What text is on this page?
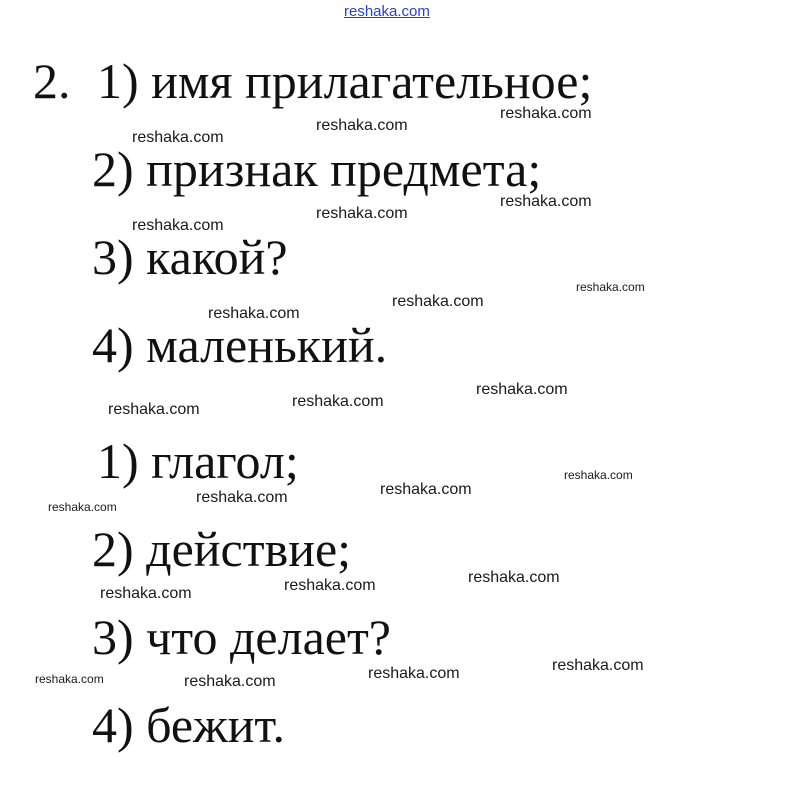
reshaka.com
2. 1) имя прилагательное;
2) признак предмета;
3) какой?
4) маленький.
1) глагол;
2) действие;
3) что делает?
4) бежит.
reshaka.com
reshaka.com
reshaka.com
reshaka.com
reshaka.com
reshaka.com
reshaka.com
reshaka.com
reshaka.com
reshaka.com	reshaka.com
reshaka.com
reshaka.com
reshaka.com	reshaka.com
reshaka.com
reshaka.com	reshaka.com	reshaka.com
reshaka.com	reshaka.com	reshaka.com	reshaka.com
